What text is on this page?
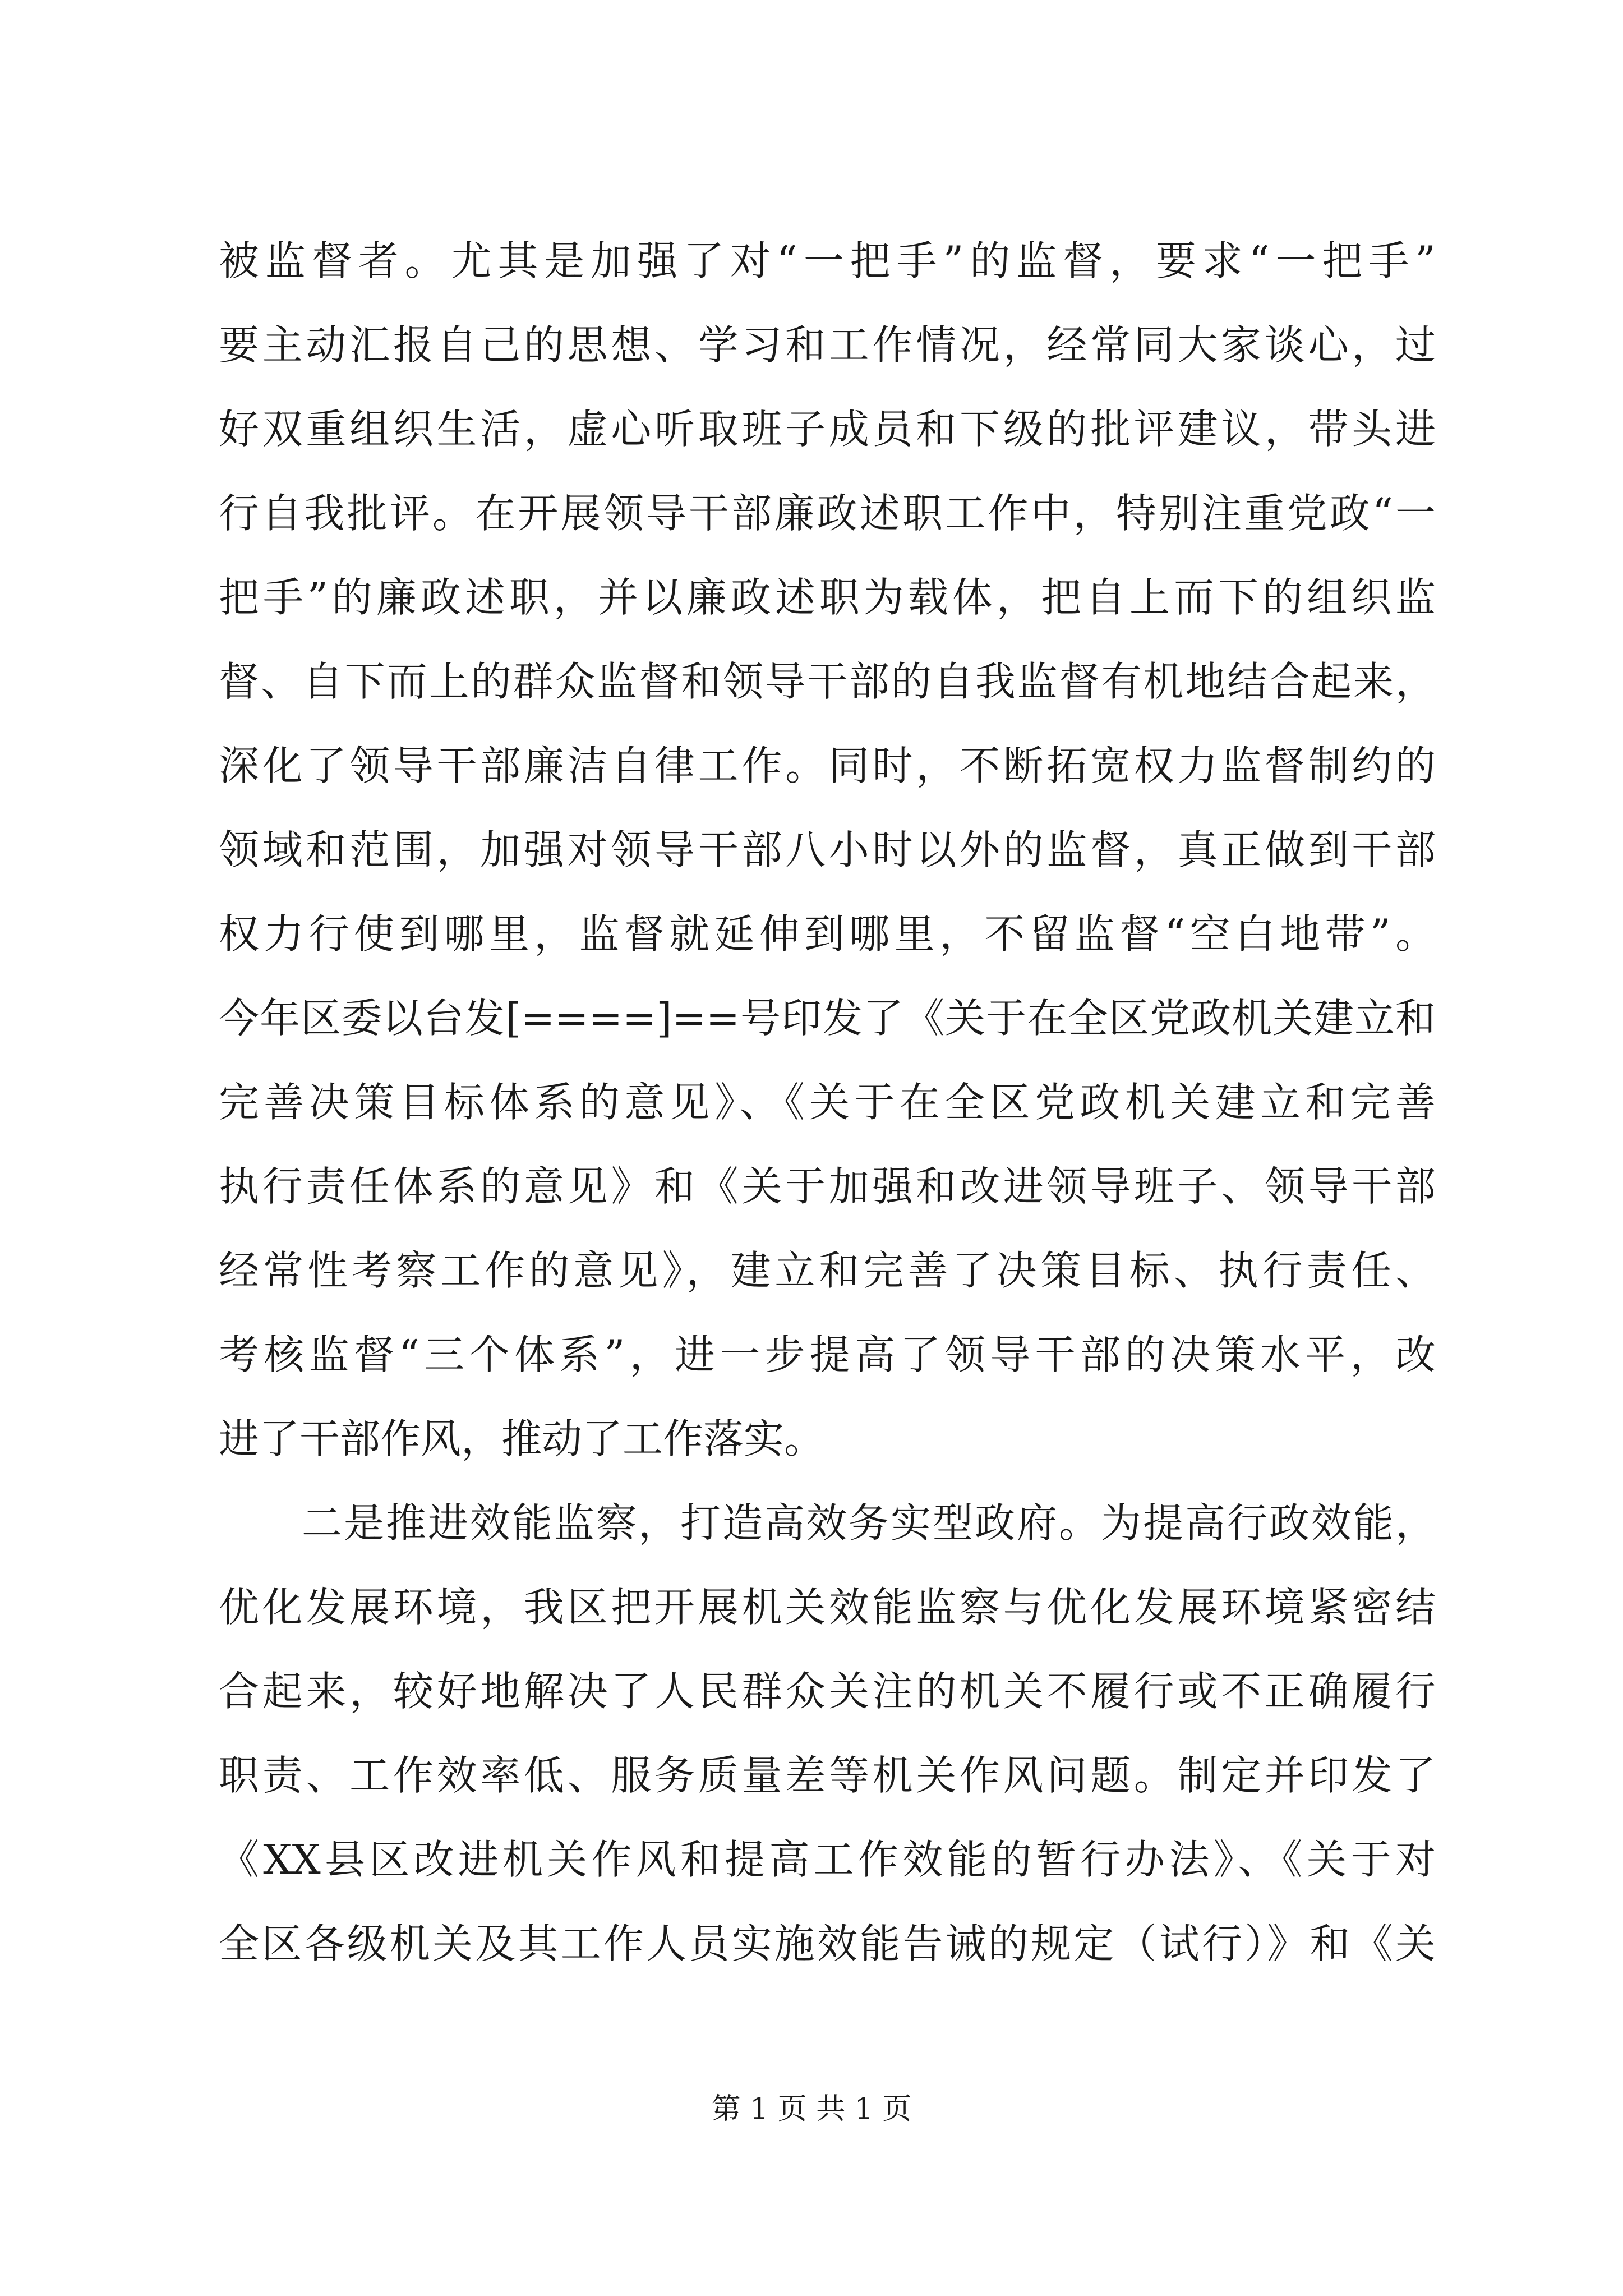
被监督者。尤其是加强了对“一把手”的监督，要求“一把手”
要主动汇报自己的思想、学习和工作情况，经常同大家谈心，过
好双重组织生活，虚心听取班子成员和下级的批评建议，带头进
行自我批评。在开展领导干部廉政述职工作中，特别注重党政“一
把手”的廉政述职，并以廉政述职为载体，把自上而下的组织监
督、自下而上的群众监督和领导干部的自我监督有机地结合起来，
深化了领导干部廉洁自律工作。同时，不断拓宽权力监督制约的
领域和范围，加强对领导干部八小时以外的监督，真正做到干部
权力行使到哪里，监督就延伸到哪里，不留监督“空白地带”。
今年区委以台发[====]==号印发了《关于在全区党政机关建立和
完善决策目标体系的意见》、《关于在全区党政机关建立和完善
执行责任体系的意见》和《关于加强和改进领导班子、领导干部
经常性考察工作的意见》，建立和完善了决策目标、执行责任、
考核监督“三个体系”，进一步提高了领导干部的决策水平，改
进了干部作风，推动了工作落实。
二是推进效能监察，打造高效务实型政府。为提高行政效能，
优化发展环境，我区把开展机关效能监察与优化发展环境紧密结
合起来，较好地解决了人民群众关注的机关不履行或不正确履行
职责、工作效率低、服务质量差等机关作风问题。制定并印发了
《XX县区改进机关作风和提高工作效能的暂行办法》、《关于对
全区各级机关及其工作人员实施效能告诫的规定（试行）》和《关
第 1 页 共 1 页
